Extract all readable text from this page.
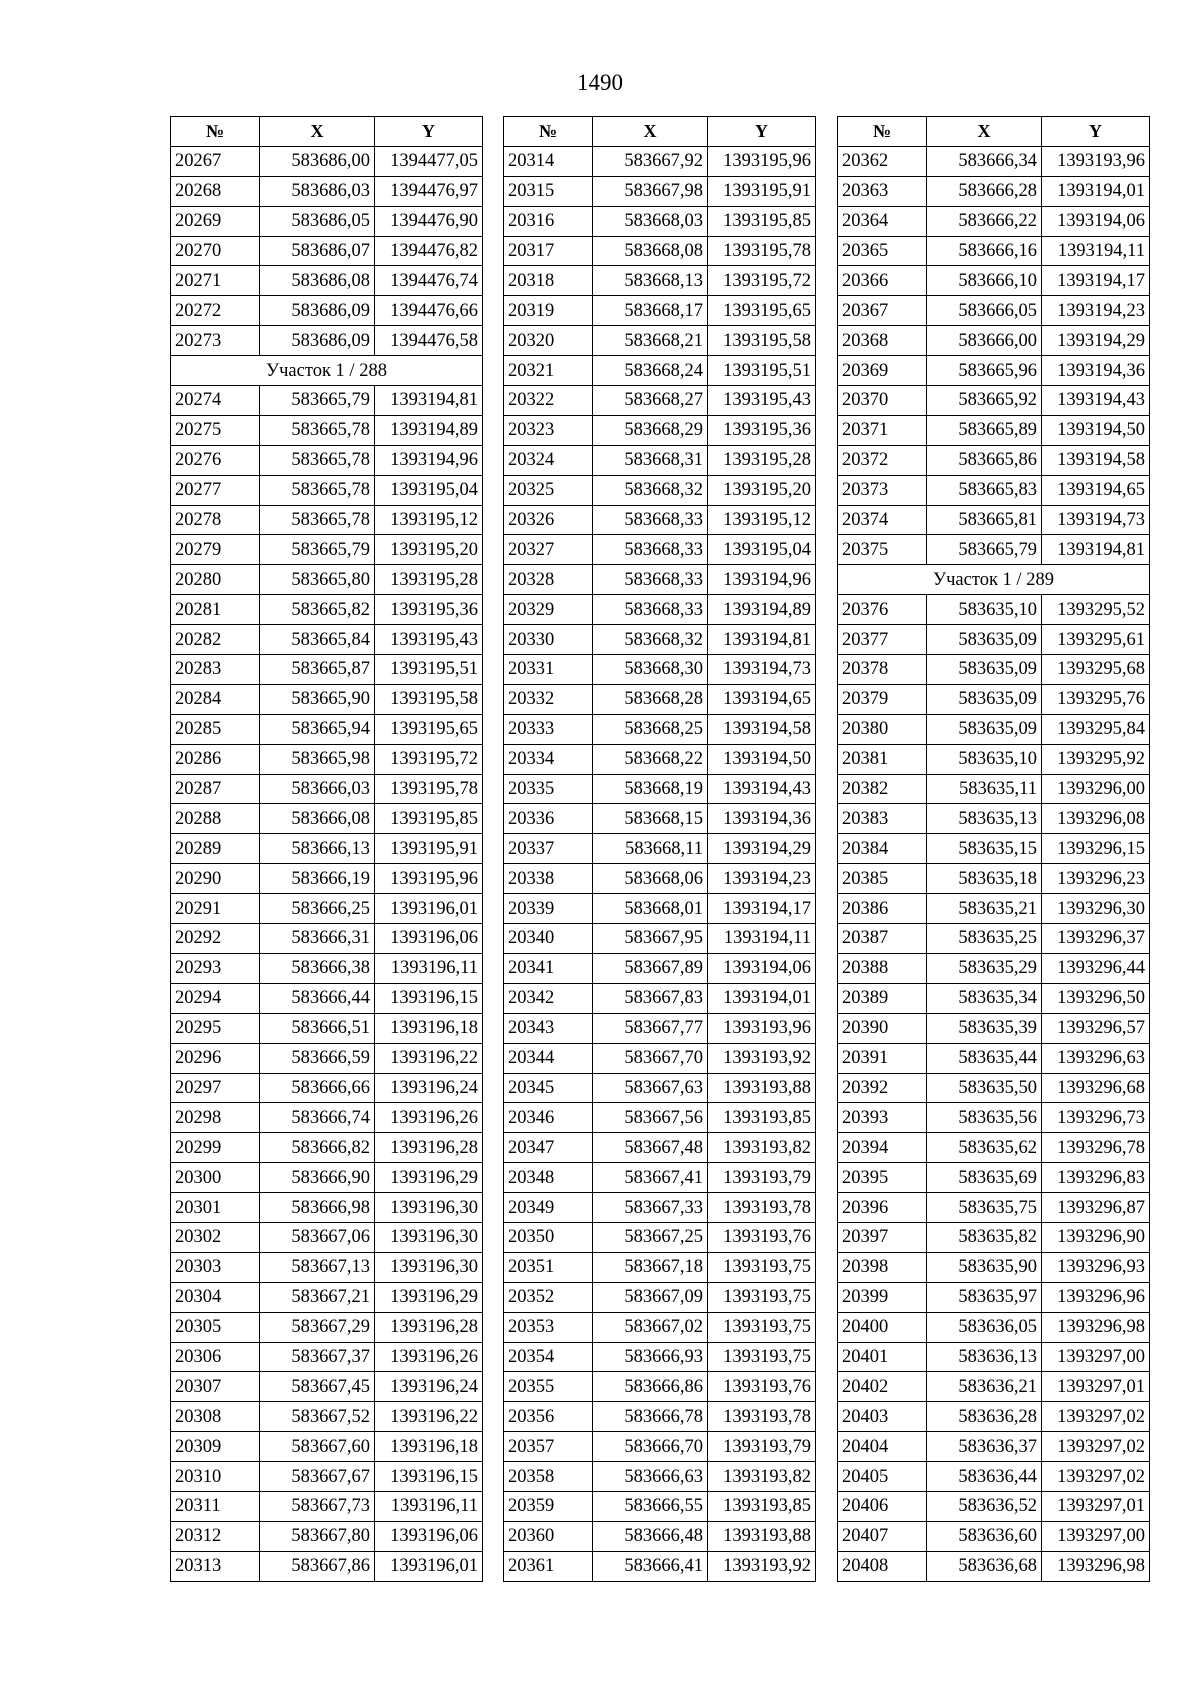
1490
№	X	Y
20267	583686,00	1394477,05
20268	583686,03	1394476,97
20269	583686,05	1394476,90
20270	583686,07	1394476,82
20271	583686,08	1394476,74
20272	583686,09	1394476,66
20273	583686,09	1394476,58
Участок 1 / 288		
20274	583665,79	1393194,81
20275	583665,78	1393194,89
20276	583665,78	1393194,96
20277	583665,78	1393195,04
20278	583665,78	1393195,12
20279	583665,79	1393195,20
20280	583665,80	1393195,28
20281	583665,82	1393195,36
20282	583665,84	1393195,43
20283	583665,87	1393195,51
20284	583665,90	1393195,58
20285	583665,94	1393195,65
20286	583665,98	1393195,72
20287	583666,03	1393195,78
20288	583666,08	1393195,85
20289	583666,13	1393195,91
20290	583666,19	1393195,96
20291	583666,25	1393196,01
20292	583666,31	1393196,06
20293	583666,38	1393196,11
20294	583666,44	1393196,15
20295	583666,51	1393196,18
20296	583666,59	1393196,22
20297	583666,66	1393196,24
20298	583666,74	1393196,26
20299	583666,82	1393196,28
20300	583666,90	1393196,29
20301	583666,98	1393196,30
20302	583667,06	1393196,30
20303	583667,13	1393196,30
20304	583667,21	1393196,29
20305	583667,29	1393196,28
20306	583667,37	1393196,26
20307	583667,45	1393196,24
20308	583667,52	1393196,22
20309	583667,60	1393196,18
20310	583667,67	1393196,15
20311	583667,73	1393196,11
20312	583667,80	1393196,06
20313	583667,86	1393196,01
№	X	Y
20314	583667,92	1393195,96
20315	583667,98	1393195,91
20316	583668,03	1393195,85
20317	583668,08	1393195,78
20318	583668,13	1393195,72
20319	583668,17	1393195,65
20320	583668,21	1393195,58
20321	583668,24	1393195,51
20322	583668,27	1393195,43
20323	583668,29	1393195,36
20324	583668,31	1393195,28
20325	583668,32	1393195,20
20326	583668,33	1393195,12
20327	583668,33	1393195,04
20328	583668,33	1393194,96
20329	583668,33	1393194,89
20330	583668,32	1393194,81
20331	583668,30	1393194,73
20332	583668,28	1393194,65
20333	583668,25	1393194,58
20334	583668,22	1393194,50
20335	583668,19	1393194,43
20336	583668,15	1393194,36
20337	583668,11	1393194,29
20338	583668,06	1393194,23
20339	583668,01	1393194,17
20340	583667,95	1393194,11
20341	583667,89	1393194,06
20342	583667,83	1393194,01
20343	583667,77	1393193,96
20344	583667,70	1393193,92
20345	583667,63	1393193,88
20346	583667,56	1393193,85
20347	583667,48	1393193,82
20348	583667,41	1393193,79
20349	583667,33	1393193,78
20350	583667,25	1393193,76
20351	583667,18	1393193,75
20352	583667,09	1393193,75
20353	583667,02	1393193,75
20354	583666,93	1393193,75
20355	583666,86	1393193,76
20356	583666,78	1393193,78
20357	583666,70	1393193,79
20358	583666,63	1393193,82
20359	583666,55	1393193,85
20360	583666,48	1393193,88
20361	583666,41	1393193,92
№	X	Y
20362	583666,34	1393193,96
20363	583666,28	1393194,01
20364	583666,22	1393194,06
20365	583666,16	1393194,11
20366	583666,10	1393194,17
20367	583666,05	1393194,23
20368	583666,00	1393194,29
20369	583665,96	1393194,36
20370	583665,92	1393194,43
20371	583665,89	1393194,50
20372	583665,86	1393194,58
20373	583665,83	1393194,65
20374	583665,81	1393194,73
20375	583665,79	1393194,81
Участок 1 / 289		
20376	583635,10	1393295,52
20377	583635,09	1393295,61
20378	583635,09	1393295,68
20379	583635,09	1393295,76
20380	583635,09	1393295,84
20381	583635,10	1393295,92
20382	583635,11	1393296,00
20383	583635,13	1393296,08
20384	583635,15	1393296,15
20385	583635,18	1393296,23
20386	583635,21	1393296,30
20387	583635,25	1393296,37
20388	583635,29	1393296,44
20389	583635,34	1393296,50
20390	583635,39	1393296,57
20391	583635,44	1393296,63
20392	583635,50	1393296,68
20393	583635,56	1393296,73
20394	583635,62	1393296,78
20395	583635,69	1393296,83
20396	583635,75	1393296,87
20397	583635,82	1393296,90
20398	583635,90	1393296,93
20399	583635,97	1393296,96
20400	583636,05	1393296,98
20401	583636,13	1393297,00
20402	583636,21	1393297,01
20403	583636,28	1393297,02
20404	583636,37	1393297,02
20405	583636,44	1393297,02
20406	583636,52	1393297,01
20407	583636,60	1393297,00
20408	583636,68	1393296,98
